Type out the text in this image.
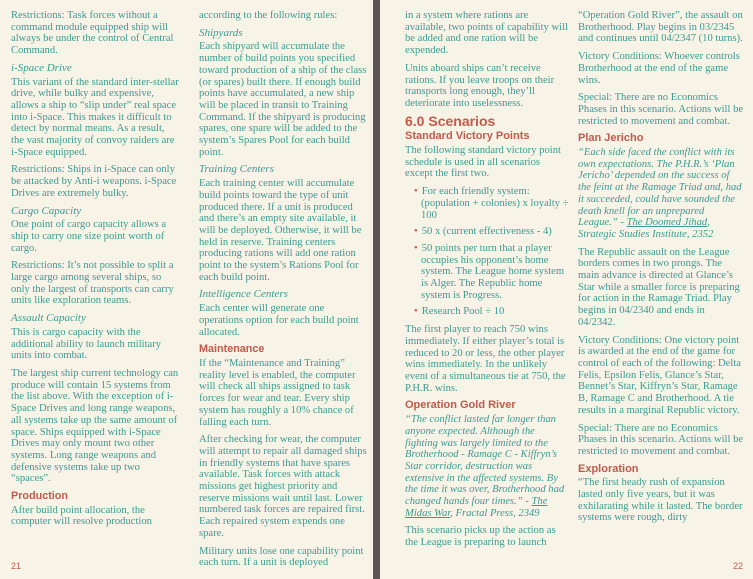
Restrictions: Task forces without a command module equipped ship will always be under the control of Central Command.
i-Space Drive
This variant of the standard inter-stellar drive, while bulky and expensive, allows a ship to “slip under” real space into i-Space. This makes it difficult to detect by normal means. As a result, the vast majority of convoy raiders are i-Space equipped.
Restrictions: Ships in i-Space can only be attacked by Anti-i weapons. i-Space Drives are extremely bulky.
Cargo Capacity
One point of cargo capacity allows a ship to carry one size point worth of cargo.
Restrictions: It’s not possible to split a large cargo among several ships, so only the largest of transports can carry units like exploration teams.
Assault Capacity
This is cargo capacity with the additional ability to launch military units into combat.
The largest ship current technology can produce will contain 15 systems from the list above. With the exception of i-Space Drives and long range weapons, all systems take up the same amount of space. Ships equipped with i-Space Drives may only mount two other systems. Long range weapons and defensive systems take up two “spaces”.
Production
After build point allocation, the computer will resolve production
according to the following rules:
Shipyards
Each shipyard will accumulate the number of build points you specified toward production of a ship of the class (or spares) built there. If enough build points have accumulated, a new ship will be placed in transit to Training Command. If the shipyard is producing spares, one spare will be added to the system’s Spares Pool for each build point.
Training Centers
Each training center will accumulate build points toward the type of unit produced there. If a unit is produced and there’s an empty site available, it will be deployed. Otherwise, it will be held in reserve. Training centers producing rations will add one ration point to the system’s Rations Pool for each build point.
Intelligence Centers
Each center will generate one operations option for each build point allocated.
Maintenance
If the “Maintenance and Training” reality level is enabled, the computer will check all ships assigned to task forces for wear and tear. Every ship system has roughly a 10% chance of falling each turn.
After checking for wear, the computer will attempt to repair all damaged ships in friendly systems that have spares available. Task forces with attack missions get highest priority and reserve missions wait until last. Lower numbered task forces are repaired first. Each repaired system expends one spare.
Military units lose one capability point each turn. If a unit is deployed
21
in a system where rations are available, two points of capability will be added and one ration will be expended.
Units aboard ships can’t receive rations. If you leave troops on their transports long enough, they’ll deteriorate into uselessness.
6.0 Scenarios
Standard Victory Points
The following standard victory point schedule is used in all scenarios except the first two.
• For each friendly system: (population + colonies) x loyalty ÷ 100
• 50 x (current effectiveness - 4)
• 50 points per turn that a player occupies his opponent’s home system. The League home system is Alger. The Republic home system is Progress.
• Research Pool ÷ 10
The first player to reach 750 wins immediately. If either player’s total is reduced to 20 or less, the other player wins immediately. In the unlikely event of a simultaneous tie at 750, the P.H.R. wins.
Operation Gold River
“The conflict lasted far longer than anyone expected. Although the fighting was largely limited to the Brotherhood - Ramage C - Kiffryn’s Star corridor, destruction was extensive in the affected systems. By the time it was over, Brotherhood had changed hands four times.” - The Midas War, Fractal Press, 2349
This scenario picks up the action as the League is preparing to launch
“Operation Gold River”, the assault on Brotherhood. Play begins in 03/2345 and continues until 04/2347 (10 turns).
Victory Conditions: Whoever controls Brotherhood at the end of the game wins.
Special: There are no Economics Phases in this scenario. Actions will be restricted to movement and combat.
Plan Jericho
“Each side faced the conflict with its own expectations. The P.H.R.’s ‘Plan Jericho’ depended on the success of the feint at the Ramage Triad and, had it succeeded, could have sounded the death knell for an unprepared League.” - The Doomed Jihad, Strategic Studies Institute, 2352
The Republic assault on the League borders comes in two prongs. The main advance is directed at Glance’s Star while a smaller force is preparing for action in the Ramage Triad. Play begins in 04/2340 and ends in 04/2342.
Victory Conditions: One victory point is awarded at the end of the game for control of each of the following: Delta Felis, Epsilon Felis, Glance’s Star, Bennet’s Star, Kiffryn’s Star, Ramage B, Ramage C and Brotherhood. A tie results in a marginal Republic victory.
Special: There are no Economics Phases in this scenario. Actions will be restricted to movement and combat.
Exploration
“The first heady rush of expansion lasted only five years, but it was exhilarating while it lasted. The border systems were rough, dirty
22
